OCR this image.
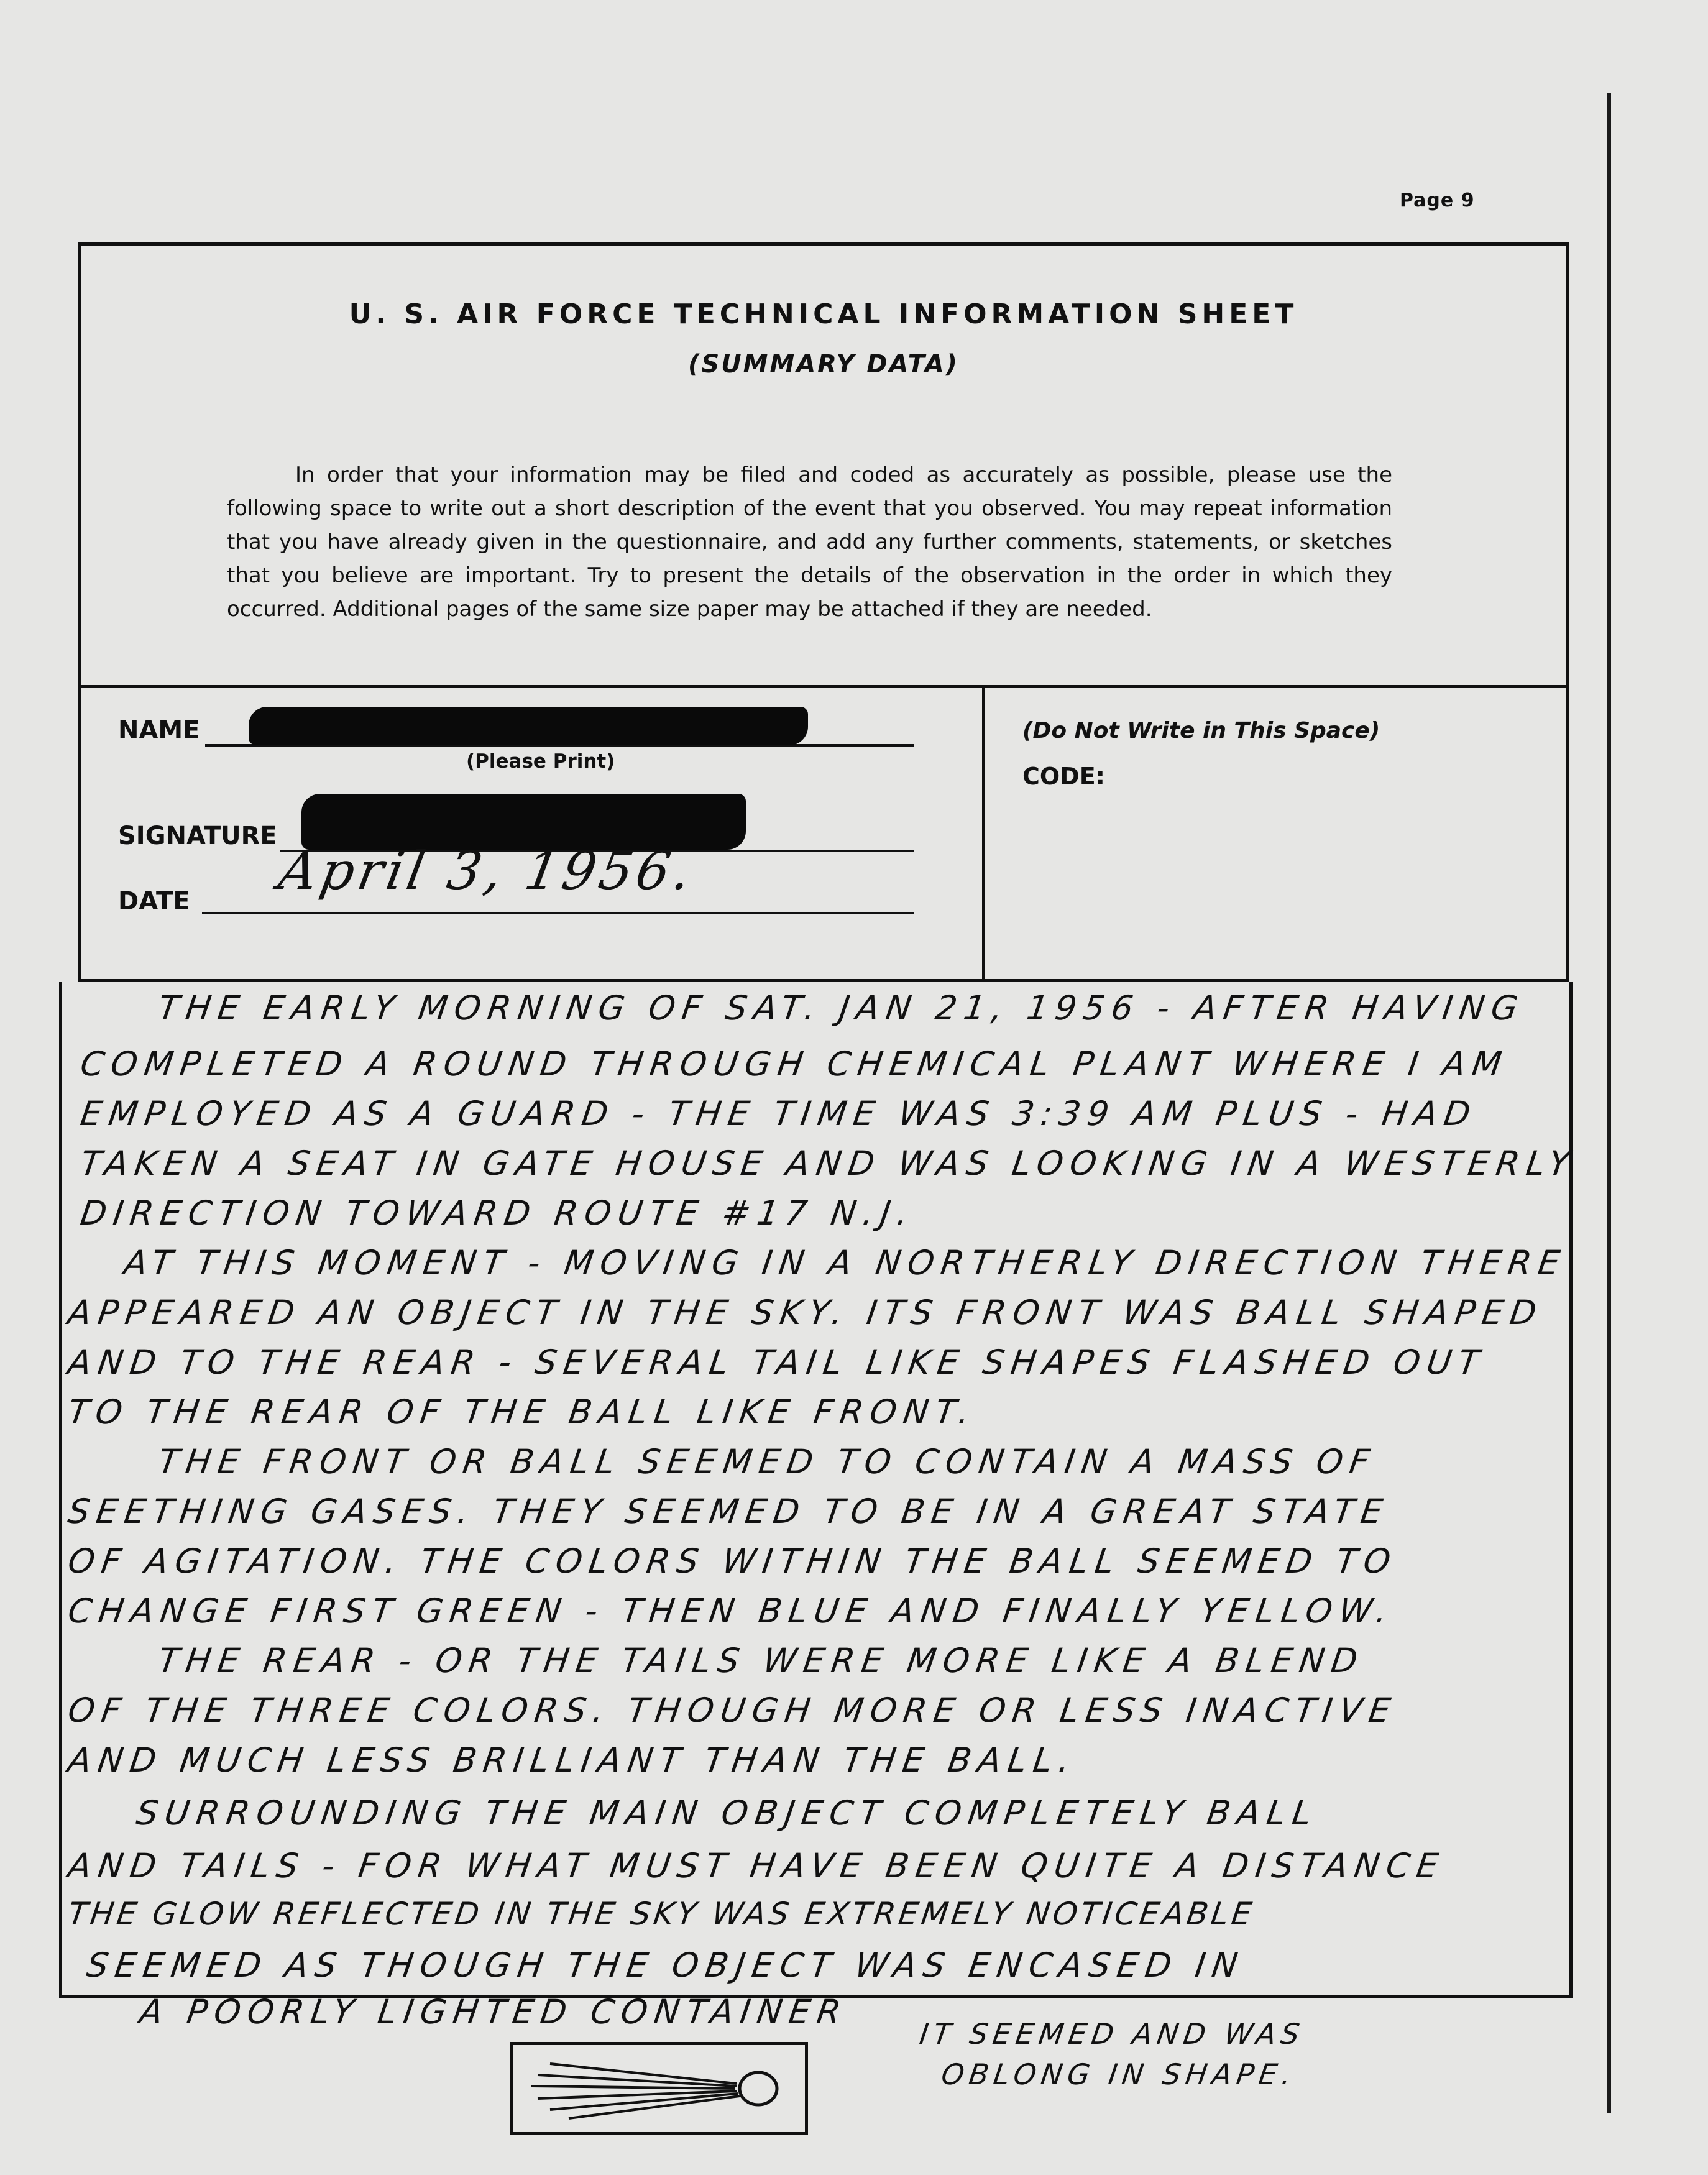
Page 9
U. S. AIR FORCE TECHNICAL INFORMATION SHEET
(SUMMARY DATA)

In order that your information may be filed and coded as accurately as possible, please use the following space to write out a short description of the event that you observed. You may repeat information that you have already given in the questionnaire, and add any further comments, statements, or sketches that you believe are important. Try to present the details of the observation in the order in which they occurred. Additional pages of the same size paper may be attached if they are needed.

NAME
(Please Print)
SIGNATURE
DATE April 3, 1956.
(Do Not Write in This Space)
CODE:
THE EARLY MORNING OF SAT. JAN 21, 1956 - AFTER HAVING
COMPLETED A ROUND THROUGH CHEMICAL PLANT WHERE I AM
EMPLOYED AS A GUARD - THE TIME WAS 3:39 AM PLUS - HAD
TAKEN A SEAT IN GATE HOUSE AND WAS LOOKING IN A WESTERLY
DIRECTION TOWARD ROUTE #17 N.J.
AT THIS MOMENT - MOVING IN A NORTHERLY DIRECTION THERE
APPEARED AN OBJECT IN THE SKY. ITS FRONT WAS BALL SHAPED
AND TO THE REAR - SEVERAL TAIL LIKE SHAPES FLASHED OUT
TO THE REAR OF THE BALL LIKE FRONT.
THE FRONT OR BALL SEEMED TO CONTAIN A MASS OF
SEETHING GASES. THEY SEEMED TO BE IN A GREAT STATE
OF AGITATION. THE COLORS WITHIN THE BALL SEEMED TO
CHANGE FIRST GREEN - THEN BLUE AND FINALLY YELLOW.
THE REAR - OR THE TAILS WERE MORE LIKE A BLEND
OF THE THREE COLORS. THOUGH MORE OR LESS INACTIVE
AND MUCH LESS BRILLIANT THAN THE BALL.
SURROUNDING THE MAIN OBJECT COMPLETELY BALL
AND TAILS - FOR WHAT MUST HAVE BEEN QUITE A DISTANCE
THE GLOW REFLECTED IN THE SKY WAS EXTREMELY NOTICEABLE
SEEMED AS THOUGH THE OBJECT WAS ENCASED IN
A POORLY LIGHTED CONTAINER
IT SEEMED AND WAS
OBLONG IN SHAPE.
